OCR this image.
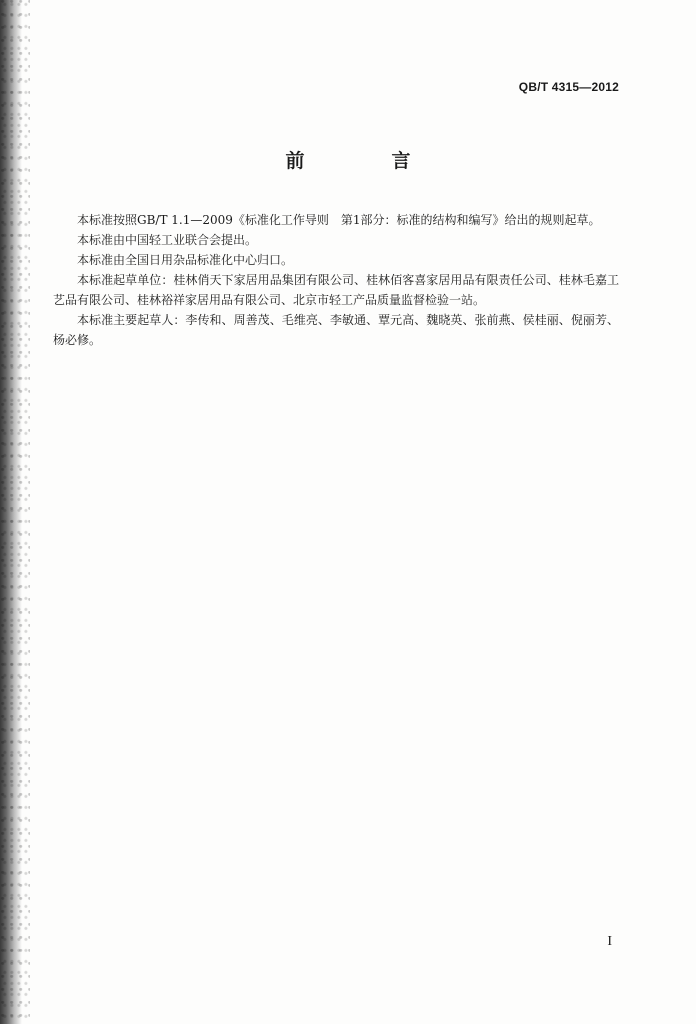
QB/T 4315—2012
前　言

本标准按照GB/T 1.1—2009《标准化工作导则　第1部分：标准的结构和编写》给出的规则起草。

本标准由中国轻工业联合会提出。

本标准由全国日用杂品标准化中心归口。

本标准起草单位：桂林俏天下家居用品集团有限公司、桂林佰客喜家居用品有限责任公司、桂林毛嘉工艺品有限公司、桂林裕祥家居用品有限公司、北京市轻工产品质量监督检验一站。

本标准主要起草人：李传和、周善茂、毛维亮、李敏通、覃元高、魏晓英、张前燕、侯桂丽、倪丽芳、杨必修。

I
